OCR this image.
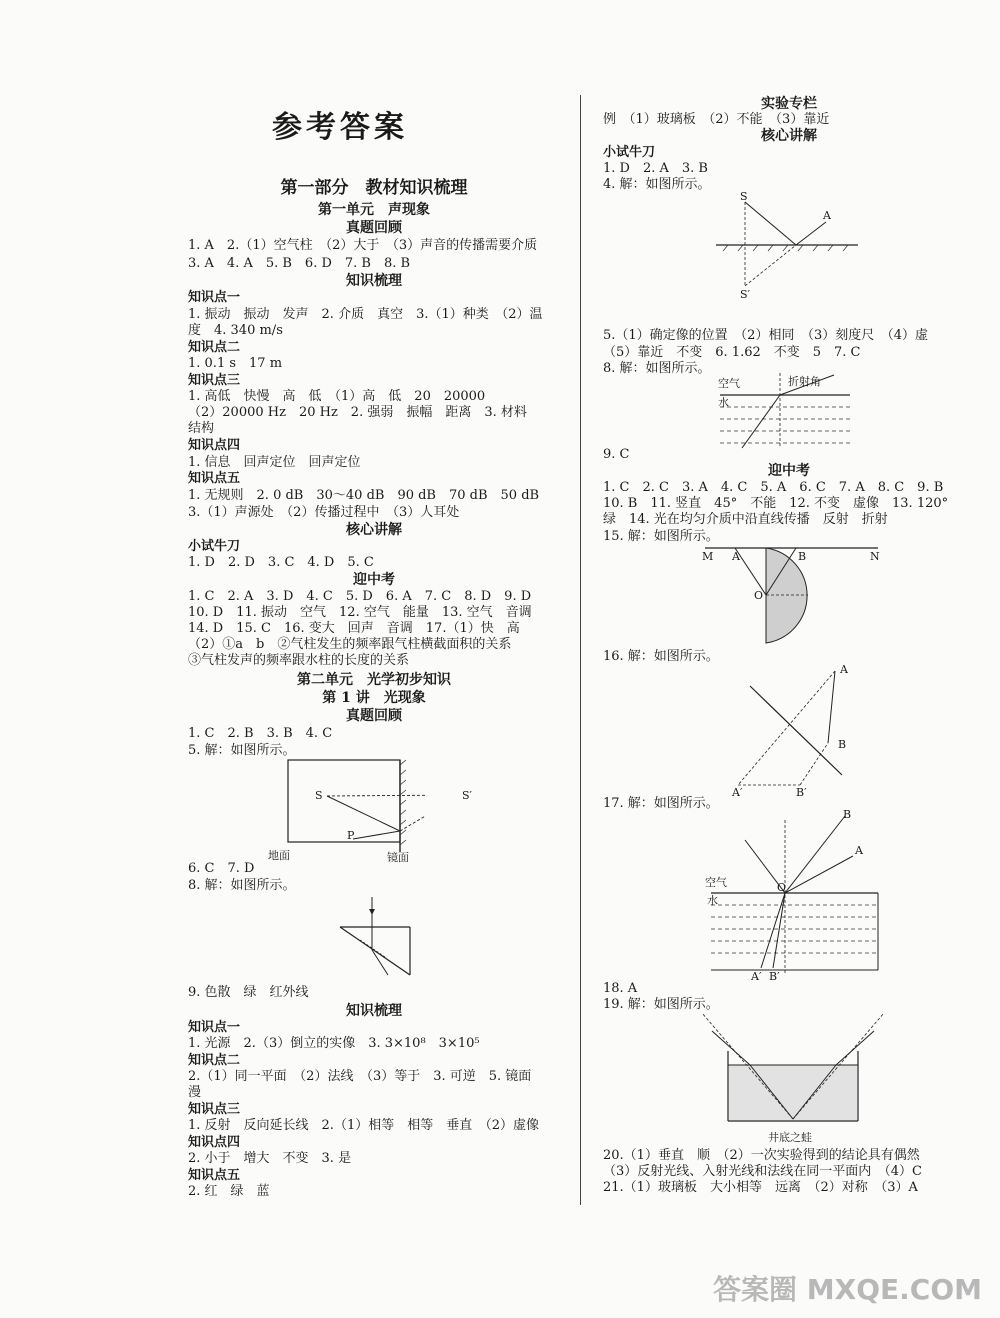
参考答案
第一部分　教材知识梳理
第一单元　声现象
真题回顾
1. A　2.（1）空气柱　（2）大于　（3）声音的传播需要介质
3. A　4. A　5. B　6. D　7. B　8. B
知识梳理
知识点一
1. 振动　振动　发声　2. 介质　真空　3.（1）种类　（2）温
度　4. 340 m/s
知识点二
1. 0.1 s　17 m
知识点三
1. 高低　快慢　高　低　（1）高　低　20　20000
（2）20000 Hz　20 Hz　2. 强弱　振幅　距离　3. 材料
结构
知识点四
1. 信息　回声定位　回声定位
知识点五
1. 无规则　2. 0 dB　30～40 dB　90 dB　70 dB　50 dB
3.（1）声源处　（2）传播过程中　（3）人耳处
核心讲解
小试牛刀
1. D　2. D　3. C　4. D　5. C
迎中考
1. C　2. A　3. D　4. C　5. D　6. A　7. C　8. D　9. D
10. D　11. 振动　空气　12. 空气　能量　13. 空气　音调
14. D　15. C　16. 变大　回声　音调　17.（1）快　高
（2）①a　b　②气柱发生的频率跟气柱横截面积的关系
③气柱发声的频率跟水柱的长度的关系
第二单元　光学初步知识
第 1 讲　光现象
真题回顾
1. C　2. B　3. B　4. C
5. 解：如图所示。
6. C　7. D
8. 解：如图所示。
9. 色散　绿　红外线
知识梳理
知识点一
1. 光源　2.（3）倒立的实像　3. 3×10⁸　3×10⁵
知识点二
2.（1）同一平面　（2）法线　（3）等于　3. 可逆　5. 镜面
漫
知识点三
1. 反射　反向延长线　2.（1）相等　相等　垂直　（2）虚像
知识点四
2. 小于　增大　不变　3. 是
知识点五
2. 红　绿　蓝
实验专栏
例　（1）玻璃板　（2）不能　（3）靠近
核心讲解
小试牛刀
1. D　2. A　3. B
4. 解：如图所示。
5.（1）确定像的位置　（2）相同　（3）刻度尺　（4）虚
（5）靠近　不变　6. 1.62　不变　5　7. C
8. 解：如图所示。
9. C
迎中考
1. C　2. C　3. A　4. C　5. A　6. C　7. A　8. C　9. B
10. B　11. 竖直　45°　不能　12. 不变　虚像　13. 120°
绿　14. 光在均匀介质中沿直线传播　反射　折射
15. 解：如图所示。
16. 解：如图所示。
17. 解：如图所示。
18. A
19. 解：如图所示。
20.（1）垂直　顺　（2）一次实验得到的结论具有偶然
（3）反射光线、入射光线和法线在同一平面内　（4）C
21.（1）玻璃板　大小相等　远离　（2）对称　（3）A
S
P
地面	镜面
S′
S
A
S′
空气
水
折射角
M A	B	N
O
A
B
A′	B′
B
A
空气
水
O
A′ B′
井底之蛙
答案圈 MXQE.COM
